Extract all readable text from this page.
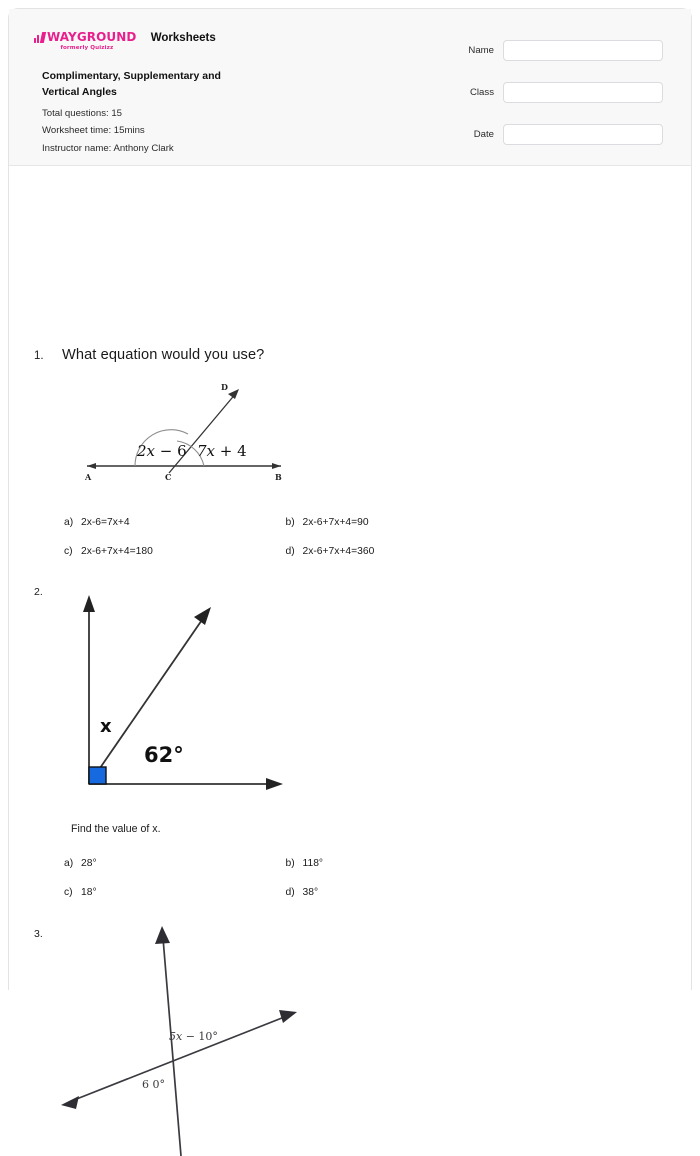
WAYGROUND
formerly Quizizz
Worksheets
Complimentary, Supplementary and Vertical Angles
Total questions: 15
Worksheet time: 15mins
Instructor name: Anthony Clark
Name
Class
Date
1.	What equation would you use?
A	C	B
D
2x − 6 7x + 4
a) 2x-6=7x+4	b) 2x-6+7x+4=90
c) 2x-6+7x+4=180	d) 2x-6+7x+4=360
2.
x
62°
Find the value of x.
a) 28°	b) 118°
c) 18°	d) 38°
3.
5x − 10°
6 0°
